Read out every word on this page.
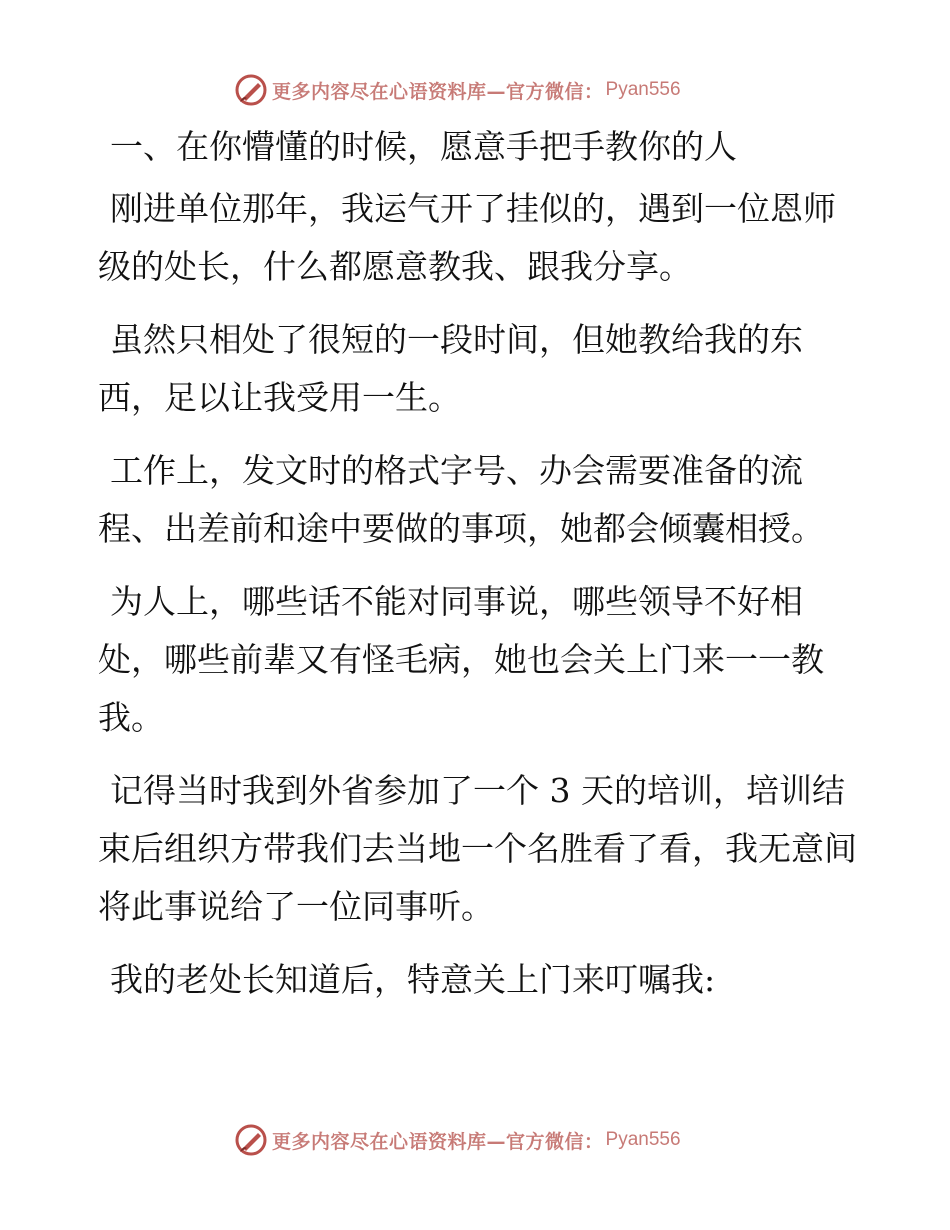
更多内容尽在心语资料库—官方微信： Pyan556
一、在你懵懂的时候，愿意手把手教你的人

刚进单位那年，我运气开了挂似的，遇到一位恩师级的处长，什么都愿意教我、跟我分享。

虽然只相处了很短的一段时间，但她教给我的东西，足以让我受用一生。

工作上，发文时的格式字号、办会需要准备的流程、出差前和途中要做的事项，她都会倾囊相授。

为人上，哪些话不能对同事说，哪些领导不好相处，哪些前辈又有怪毛病，她也会关上门来一一教我。

记得当时我到外省参加了一个 3 天的培训，培训结束后组织方带我们去当地一个名胜看了看，我无意间将此事说给了一位同事听。

我的老处长知道后，特意关上门来叮嘱我:

更多内容尽在心语资料库—官方微信： Pyan556
